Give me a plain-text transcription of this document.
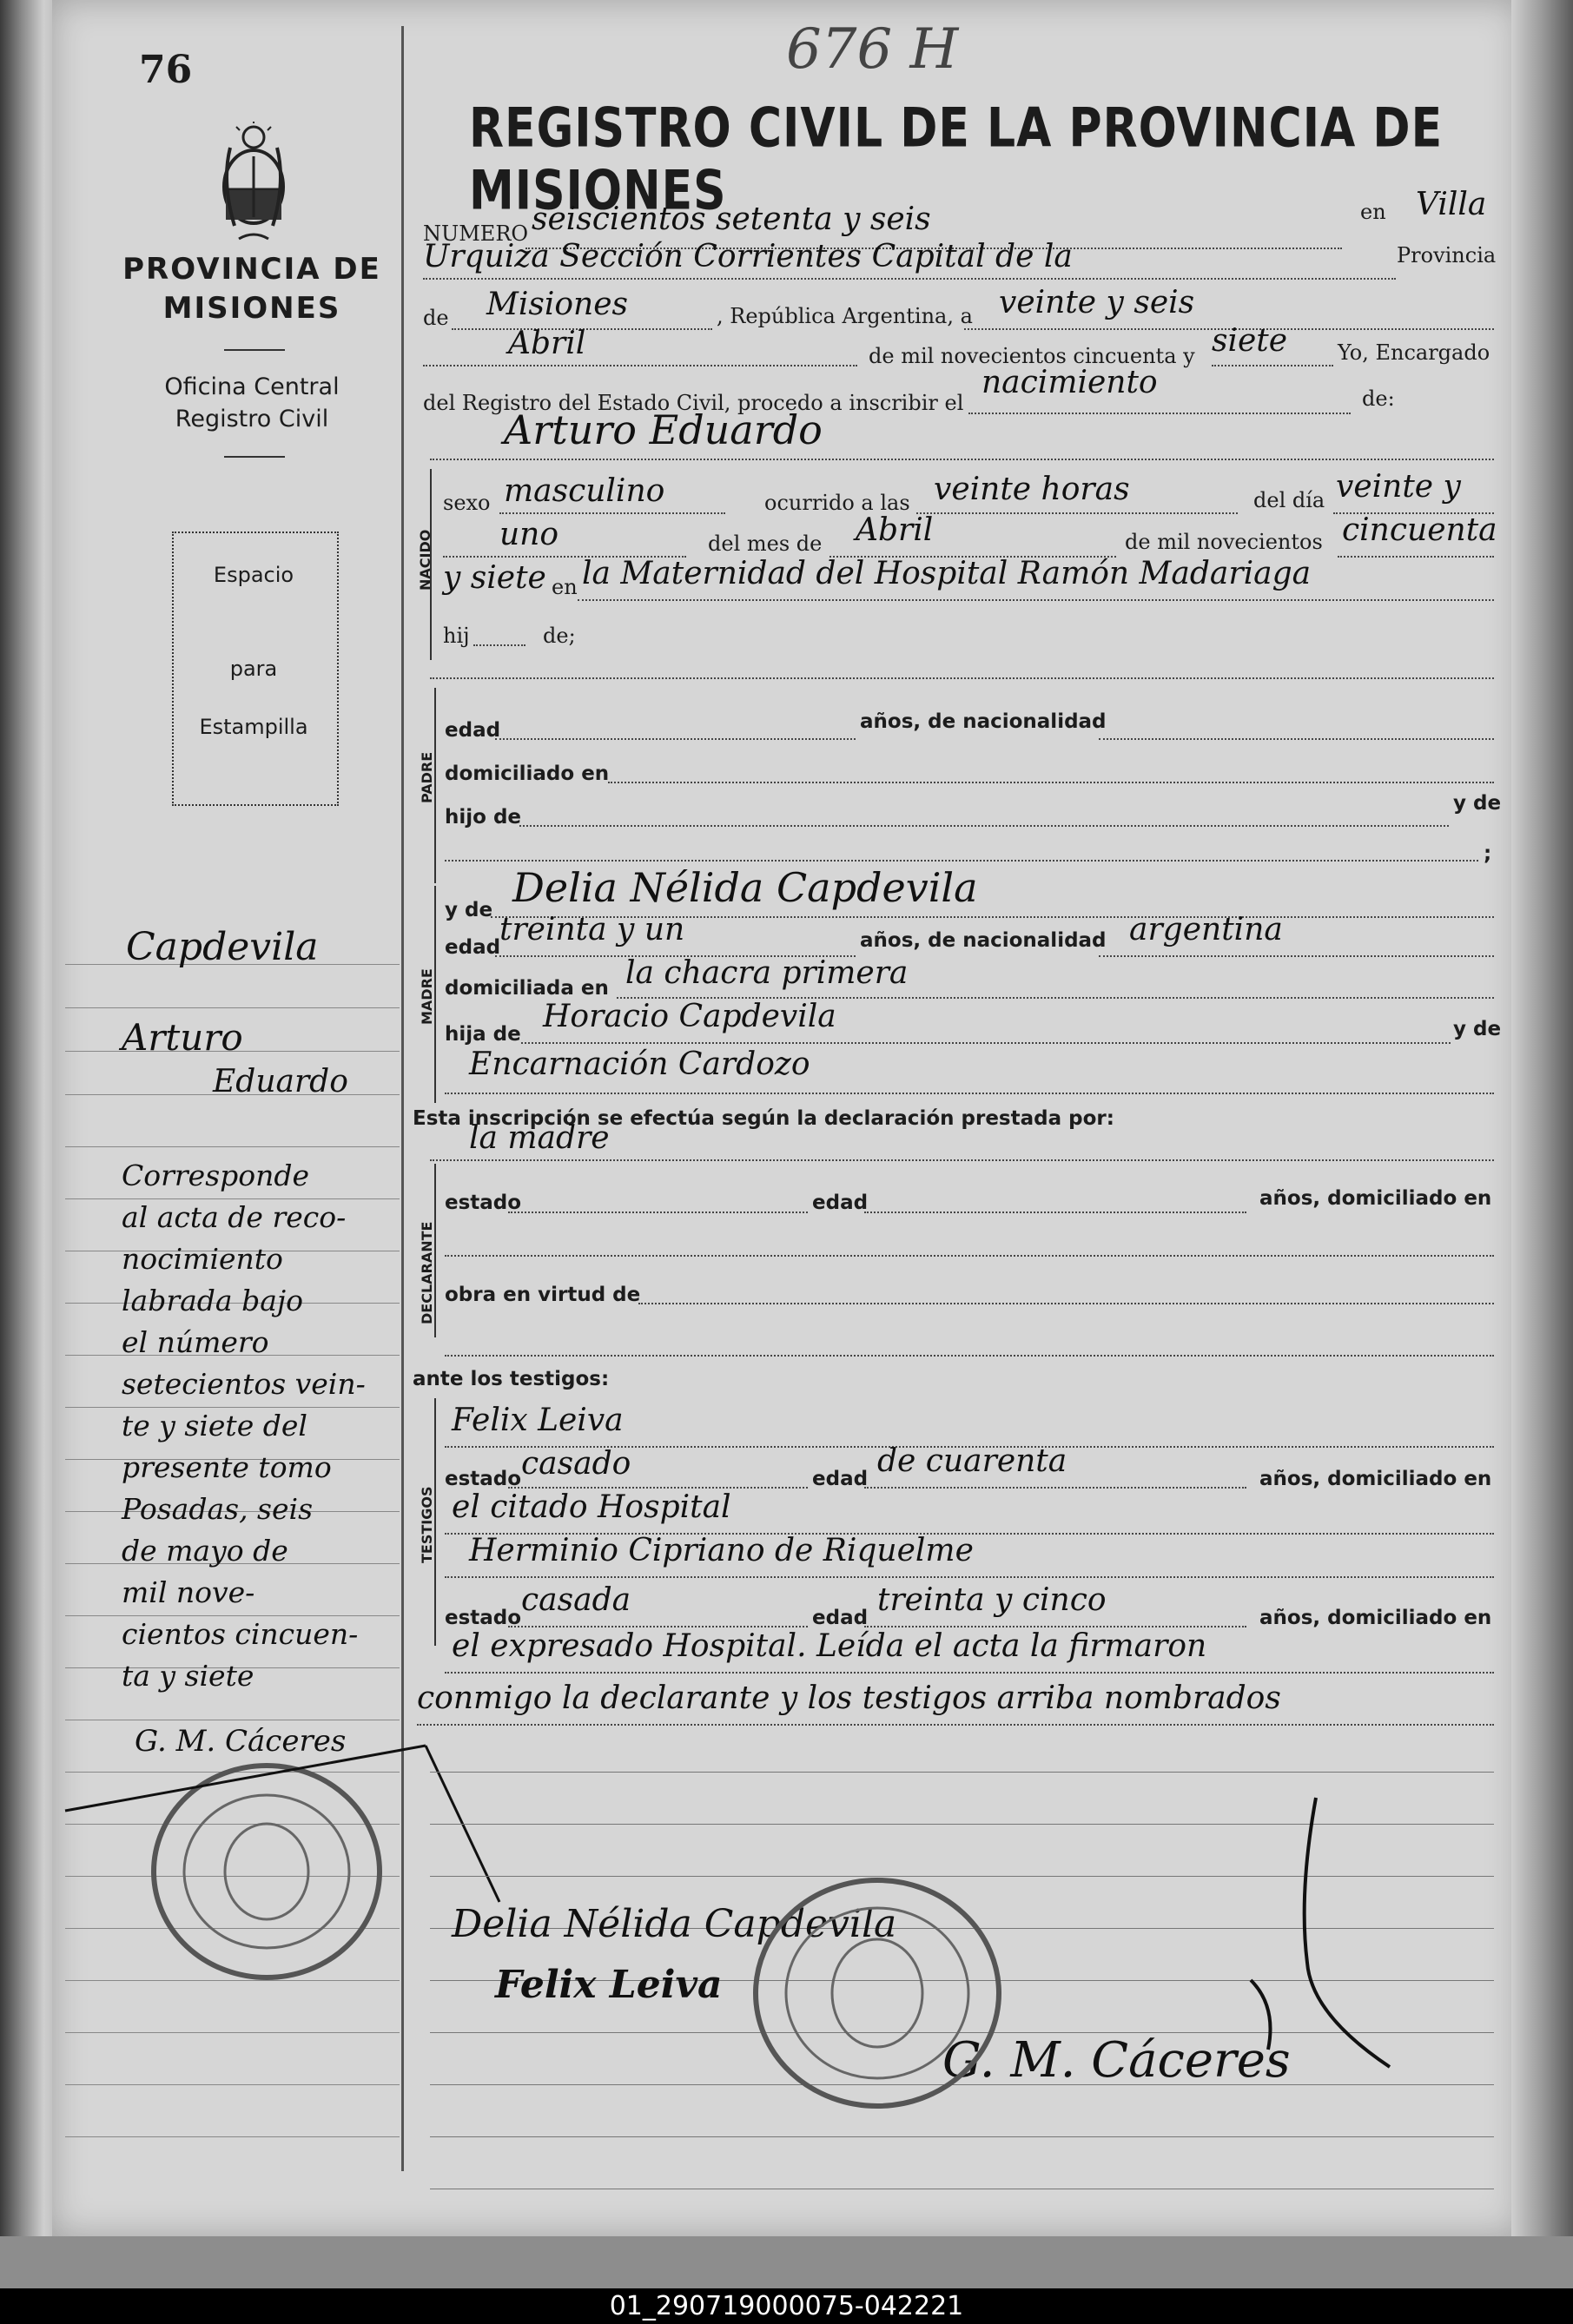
01_290719000075-042221
676 H
76
PROVINCIA DE
MISIONES
Oficina Central
Registro Civil
Espacio
para
Estampilla
Capdevila
Arturo
Eduardo
Corresponde
al acta de reco-
nocimiento
labrada bajo
el número
setecientos vein-
te y siete del
presente tomo
Posadas, seis
de mayo de
mil nove-
cientos cincuen-
ta y siete
G. M. Cáceres
REGISTRO CIVIL DE LA PROVINCIA DE MISIONES
NUMERO seiscientos setenta y seis	en Villa
Urquiza Sección Corrientes Capital de la	Provincia
de Misiones	, República Argentina, a veinte y seis
Abril	de mil novecientos cincuenta y siete Yo, Encargado
del Registro del Estado Civil, procedo a inscribir el
nacimiento	de:
Arturo Eduardo
NACIDO
sexo masculino	ocurrido a las veinte horas	del día veinte y
uno	del mes de Abril	de mil novecientos cincuenta
y siete en la Maternidad del Hospital Ramón Madariaga
hij	de;
PADRE
edad	años, de nacionalidad
domiciliado en
hijo de
y de
;
MADRE
y de Delia Nélida Capdevila
edad
treinta y un	años, de nacionalidad argentina
domiciliada en la chacra primera
hija de Horacio Capdevila	y de
Encarnación Cardozo
Esta inscripción se efectúa según la declaración prestada por:
la madre
DECLARANTE
estado	edad	años, domiciliado en
obra en virtud de
ante los testigos:
TESTIGOS
Felix Leiva
estado casado	edad de cuarenta	años, domiciliado en
el citado Hospital
Herminio Cipriano de Riquelme
estado casada	edad treinta y cinco	años, domiciliado en
el expresado Hospital. Leída el acta la firmaron
conmigo la declarante y los testigos arriba nombrados
Delia Nélida Capdevila
Felix Leiva
G. M. Cáceres
